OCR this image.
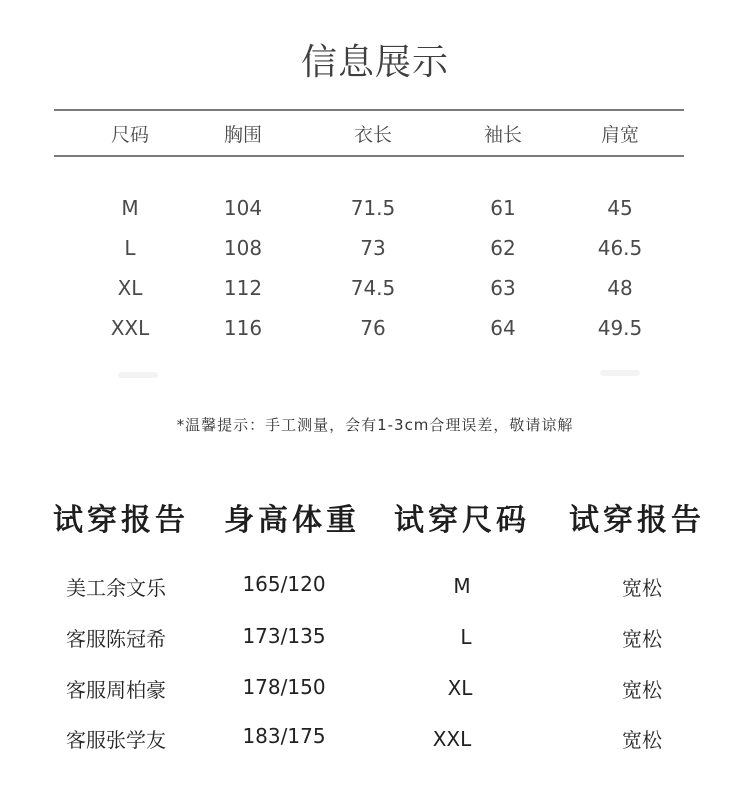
信息展示
尺码	胸围	衣长	袖长	肩宽
M	104	71.5	61	45
L	108	73	62	46.5
XL	112	74.5	63	48
XXL	116	76	64	49.5
*温馨提示：手工测量，会有1-3cm合理误差，敬请谅解
试穿报告	身高体重	试穿尺码	试穿报告
美工余文乐	165/120	M	宽松
客服陈冠希	173/135	L	宽松
客服周柏豪	178/150	XL	宽松
客服张学友	183/175	XXL	宽松
